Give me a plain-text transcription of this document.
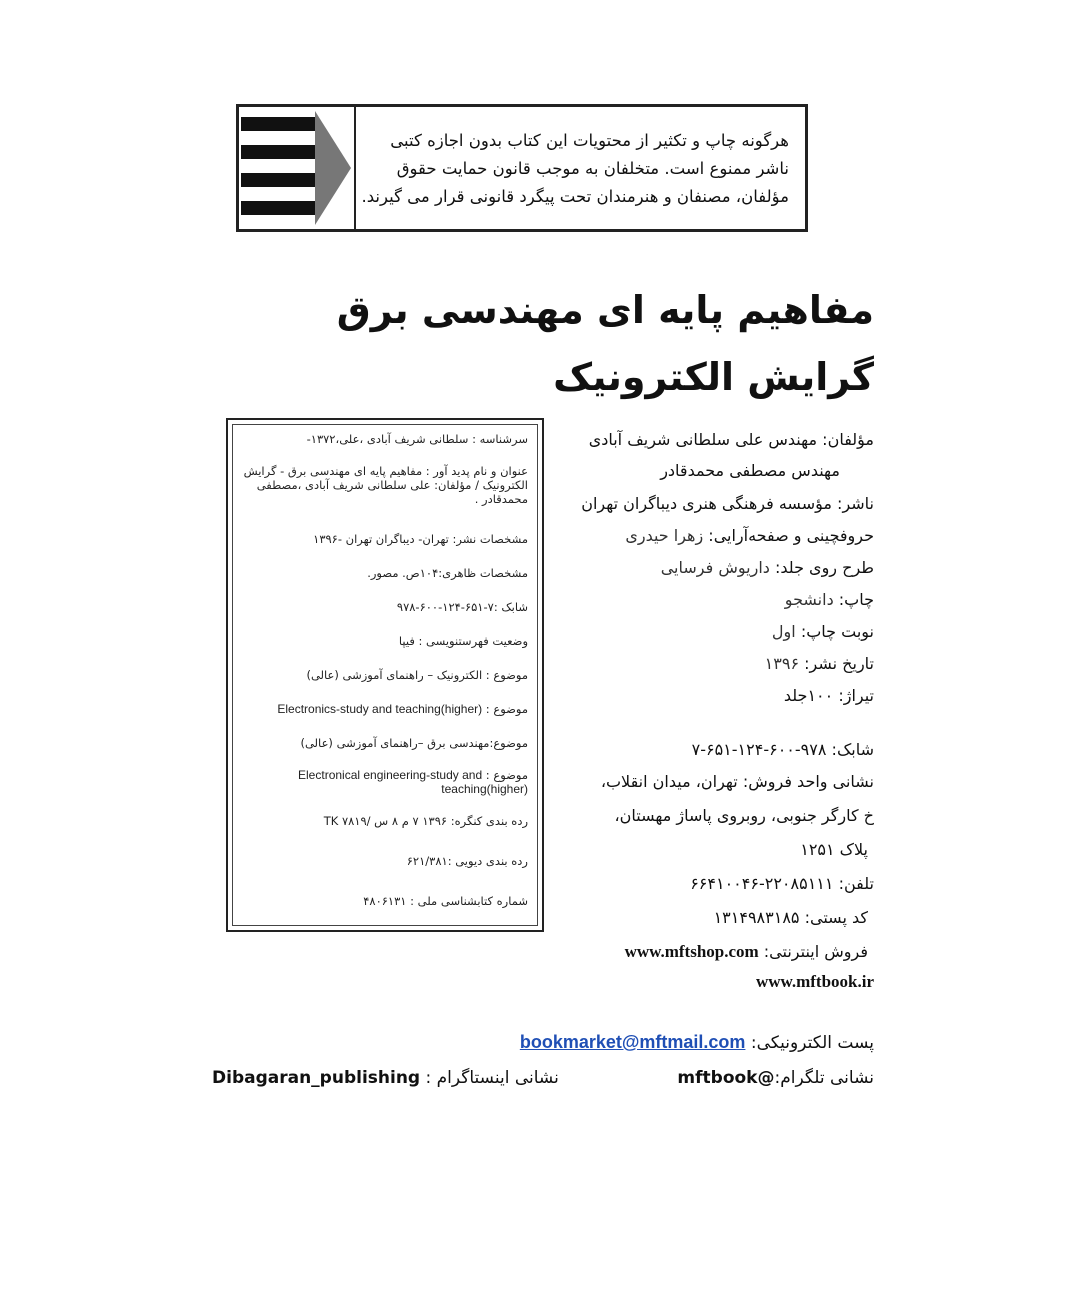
هرگونه چاپ و تکثیر از محتویات این کتاب بدون اجازه کتبی
ناشر ممنوع است. متخلفان به موجب قانون حمایت حقوق
مؤلفان، مصنفان و هنرمندان تحت پیگرد قانونی قرار می گیرند.
مفاهیم پایه ای مهندسی برق
گرایش الکترونیک
سرشناسه : سلطانی شریف آبادی ،علی،۱۳۷۲-
عنوان و نام پدید آور : مفاهیم پایه ای مهندسی برق - گرایش الکترونیک / مؤلفان: علی سلطانی شریف آبادی ،مصطفی محمدقادر .
مشخصات نشر: تهران- دیباگران تهران -۱۳۹۶
مشخصات ظاهری:۱۰۴ص. مصور.
شابک :۷-۶۵۱-۱۲۴-۶۰۰-۹۷۸
وضعیت فهرستنویسی : فیپا
موضوع : الکترونیک – راهنمای آموزشی (عالی)
موضوع : Electronics-study and teaching(higher)
موضوع:مهندسی برق –راهنمای آموزشی (عالی)
موضوع : Electronical engineering-study and teaching(higher)
رده بندی کنگره: ۱۳۹۶ ۷ م ۸ س /TK ۷۸۱۹
رده بندی دیویی :۶۲۱/۳۸۱
شماره کتابشناسی ملی : ۴۸۰۶۱۳۱
مؤلفان: مهندس علی سلطانی شریف آبادی
مهندس مصطفی محمدقادر
ناشر: مؤسسه فرهنگی هنری دیباگران تهران
حروفچینی و صفحه‌آرایی: زهرا حیدری
طرح روی جلد: داریوش فرسایی
چاپ: دانشجو
نوبت چاپ: اول
تاریخ نشر: ۱۳۹۶
تیراژ: ۱۰۰جلد
شابک: ۹۷۸-۶۰۰-۱۲۴-۶۵۱-۷
نشانی واحد فروش: تهران، میدان انقلاب،
خ کارگر جنوبی، روبروی پاساژ مهستان،
پلاک ۱۲۵۱
تلفن: ۲۲۰۸۵۱۱۱-۶۶۴۱۰۰۴۶
کد پستی: ۱۳۱۴۹۸۳۱۸۵
فروش اینترنتی: www.mftshop.com
www.mftbook.ir
پست الکترونیکی: bookmarket@mftmail.com
نشانی تلگرام:@mftbook
نشانی اینستاگرام : Dibagaran_publishing
